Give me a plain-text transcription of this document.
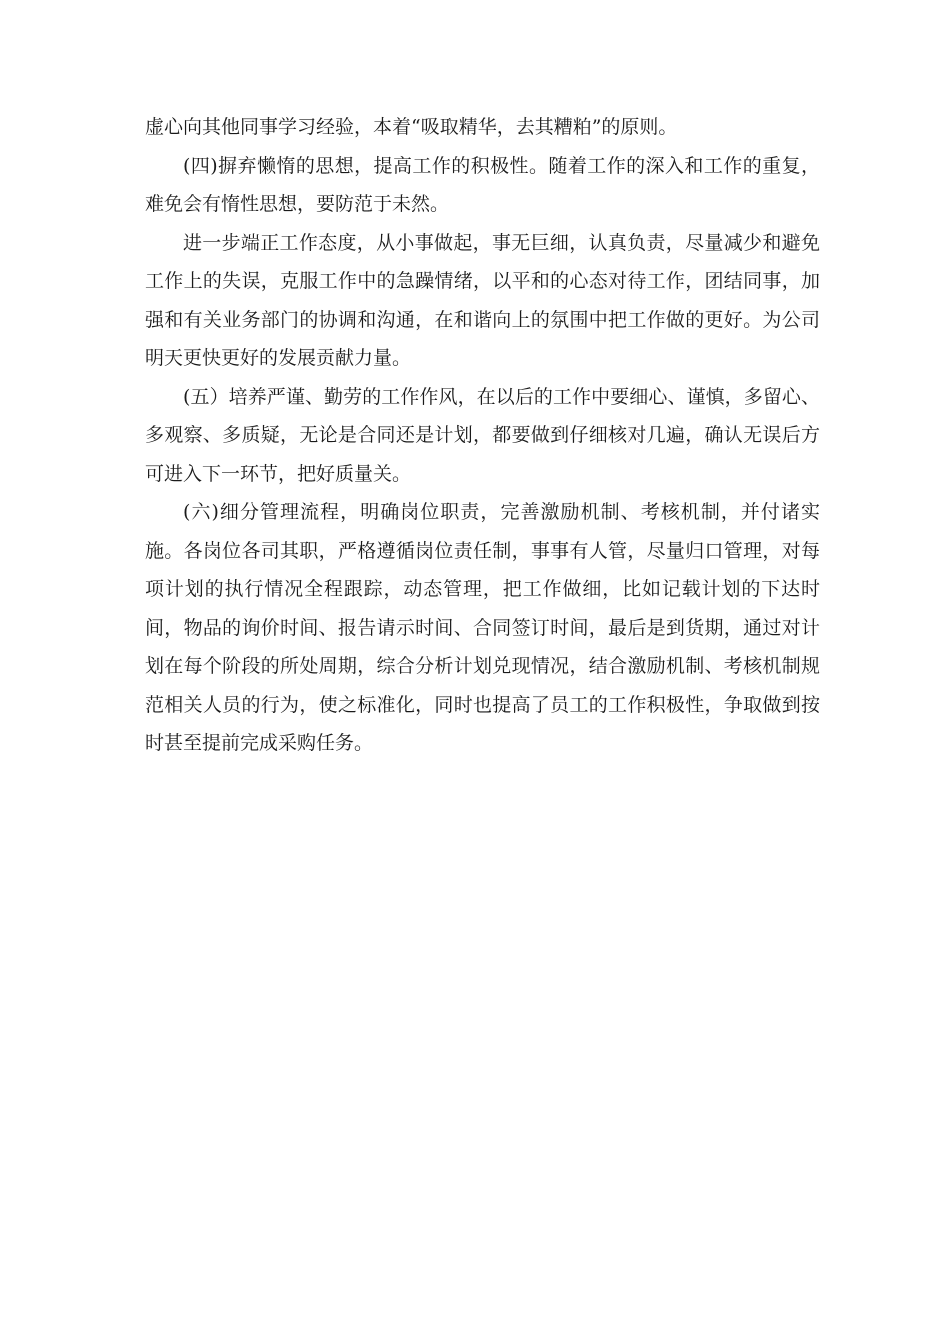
虚心向其他同事学习经验，本着“吸取精华，去其糟粕”的原则。

(四)摒弃懒惰的思想，提高工作的积极性。随着工作的深入和工作的重复，难免会有惰性思想，要防范于未然。

进一步端正工作态度，从小事做起，事无巨细，认真负责，尽量减少和避免工作上的失误，克服工作中的急躁情绪，以平和的心态对待工作，团结同事，加强和有关业务部门的协调和沟通，在和谐向上的氛围中把工作做的更好。为公司明天更快更好的发展贡献力量。

(五）培养严谨、勤劳的工作作风，在以后的工作中要细心、谨慎，多留心、多观察、多质疑，无论是合同还是计划，都要做到仔细核对几遍，确认无误后方可进入下一环节，把好质量关。

(六)细分管理流程，明确岗位职责，完善激励机制、考核机制，并付诸实施。各岗位各司其职，严格遵循岗位责任制，事事有人管，尽量归口管理，对每项计划的执行情况全程跟踪，动态管理，把工作做细，比如记载计划的下达时间，物品的询价时间、报告请示时间、合同签订时间，最后是到货期，通过对计划在每个阶段的所处周期，综合分析计划兑现情况，结合激励机制、考核机制规范相关人员的行为，使之标准化，同时也提高了员工的工作积极性，争取做到按时甚至提前完成采购任务。
